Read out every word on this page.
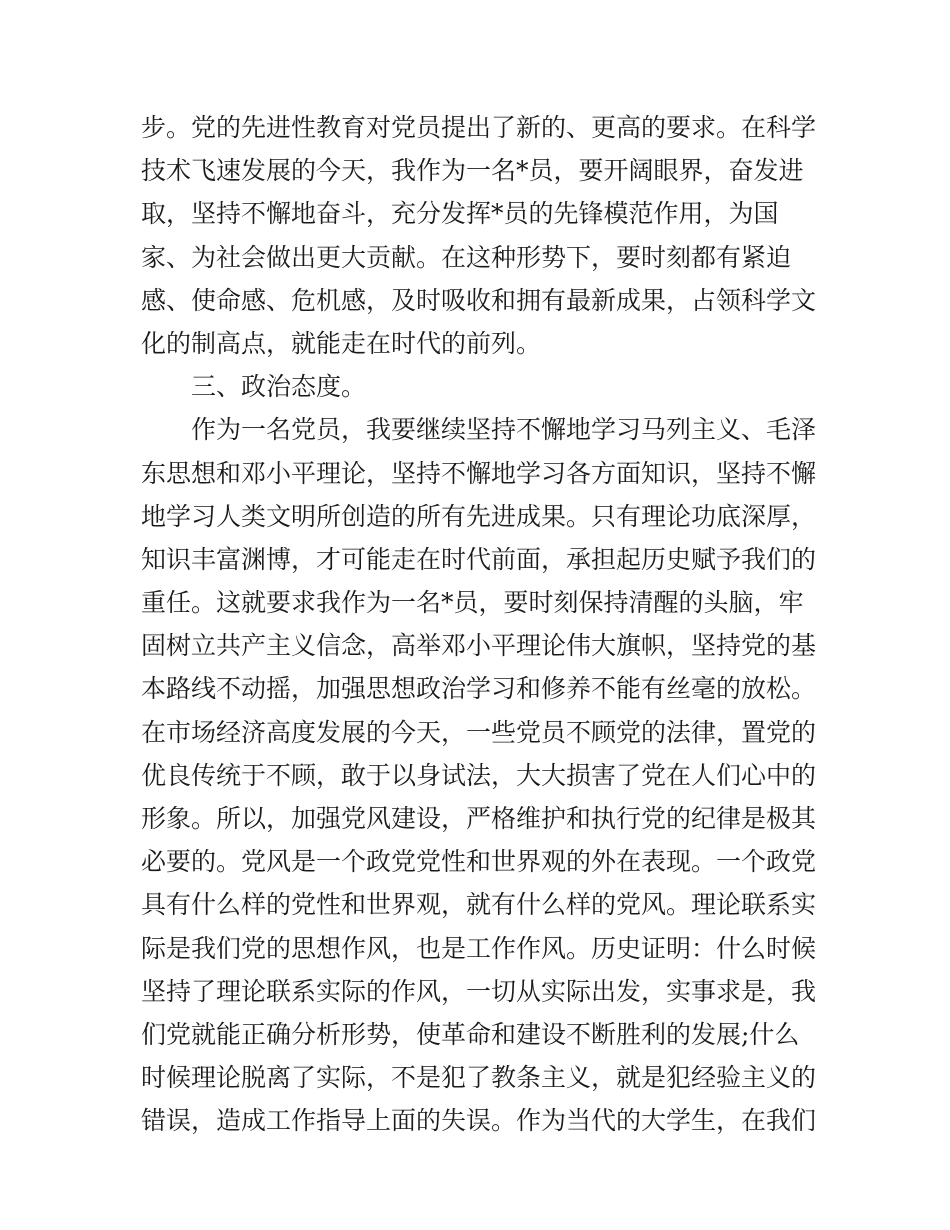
步。党的先进性教育对党员提出了新的、更高的要求。在科学
技术飞速发展的今天，我作为一名*员，要开阔眼界，奋发进
取，坚持不懈地奋斗，充分发挥*员的先锋模范作用，为国
家、为社会做出更大贡献。在这种形势下，要时刻都有紧迫
感、使命感、危机感，及时吸收和拥有最新成果，占领科学文
化的制高点，就能走在时代的前列。
三、政治态度。
作为一名党员，我要继续坚持不懈地学习马列主义、毛泽
东思想和邓小平理论，坚持不懈地学习各方面知识，坚持不懈
地学习人类文明所创造的所有先进成果。只有理论功底深厚，
知识丰富渊博，才可能走在时代前面，承担起历史赋予我们的
重任。这就要求我作为一名*员，要时刻保持清醒的头脑，牢
固树立共产主义信念，高举邓小平理论伟大旗帜，坚持党的基
本路线不动摇，加强思想政治学习和修养不能有丝毫的放松。
在市场经济高度发展的今天，一些党员不顾党的法律，置党的
优良传统于不顾，敢于以身试法，大大损害了党在人们心中的
形象。所以，加强党风建设，严格维护和执行党的纪律是极其
必要的。党风是一个政党党性和世界观的外在表现。一个政党
具有什么样的党性和世界观，就有什么样的党风。理论联系实
际是我们党的思想作风，也是工作作风。历史证明：什么时候
坚持了理论联系实际的作风，一切从实际出发，实事求是，我
们党就能正确分析形势，使革命和建设不断胜利的发展;什么
时候理论脱离了实际，不是犯了教条主义，就是犯经验主义的
错误，造成工作指导上面的失误。作为当代的大学生，在我们
